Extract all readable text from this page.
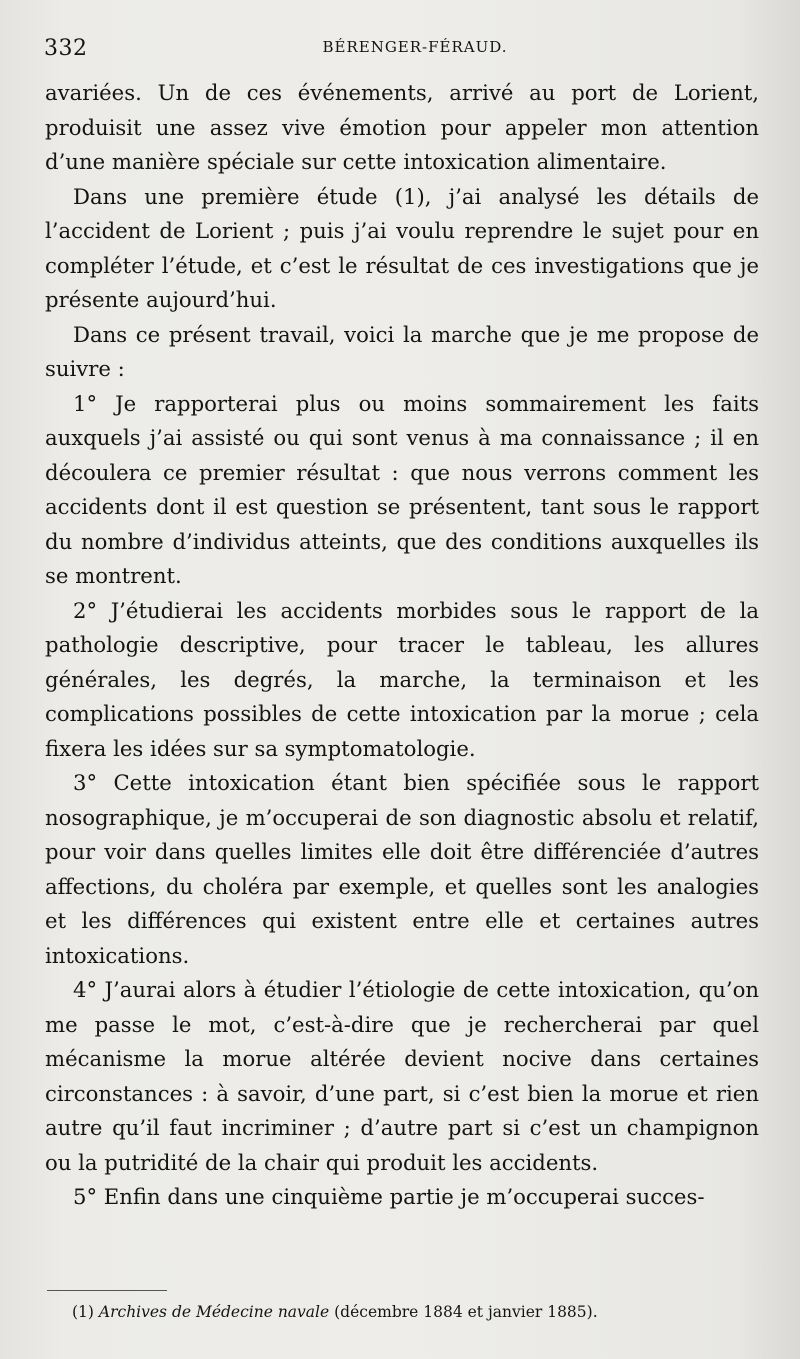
332	BÉRENGER-FÉRAUD.

avariées. Un de ces événements, arrivé au port de Lorient, produisit une assez vive émotion pour appeler mon attention d’une manière spéciale sur cette intoxication alimentaire.

Dans une première étude (1), j’ai analysé les détails de l’accident de Lorient ; puis j’ai voulu reprendre le sujet pour en compléter l’étude, et c’est le résultat de ces investigations que je présente aujourd’hui.

Dans ce présent travail, voici la marche que je me propose de suivre :

1° Je rapporterai plus ou moins sommairement les faits auxquels j’ai assisté ou qui sont venus à ma connaissance ; il en découlera ce premier résultat : que nous verrons comment les accidents dont il est question se présentent, tant sous le rapport du nombre d’individus atteints, que des conditions auxquelles ils se montrent.

2° J’étudierai les accidents morbides sous le rapport de la pathologie descriptive, pour tracer le tableau, les allures générales, les degrés, la marche, la terminaison et les complications possibles de cette intoxication par la morue ; cela fixera les idées sur sa symptomatologie.

3° Cette intoxication étant bien spécifiée sous le rapport nosographique, je m’occuperai de son diagnostic absolu et relatif, pour voir dans quelles limites elle doit être différenciée d’autres affections, du choléra par exemple, et quelles sont les analogies et les différences qui existent entre elle et certaines autres intoxications.

4° J’aurai alors à étudier l’étiologie de cette intoxication, qu’on me passe le mot, c’est-à-dire que je rechercherai par quel mécanisme la morue altérée devient nocive dans certaines circonstances : à savoir, d’une part, si c’est bien la morue et rien autre qu’il faut incriminer ; d’autre part si c’est un champignon ou la putridité de la chair qui produit les accidents.

5° Enfin dans une cinquième partie je m’occuperai succes-

(1) Archives de Médecine navale (décembre 1884 et janvier 1885).
